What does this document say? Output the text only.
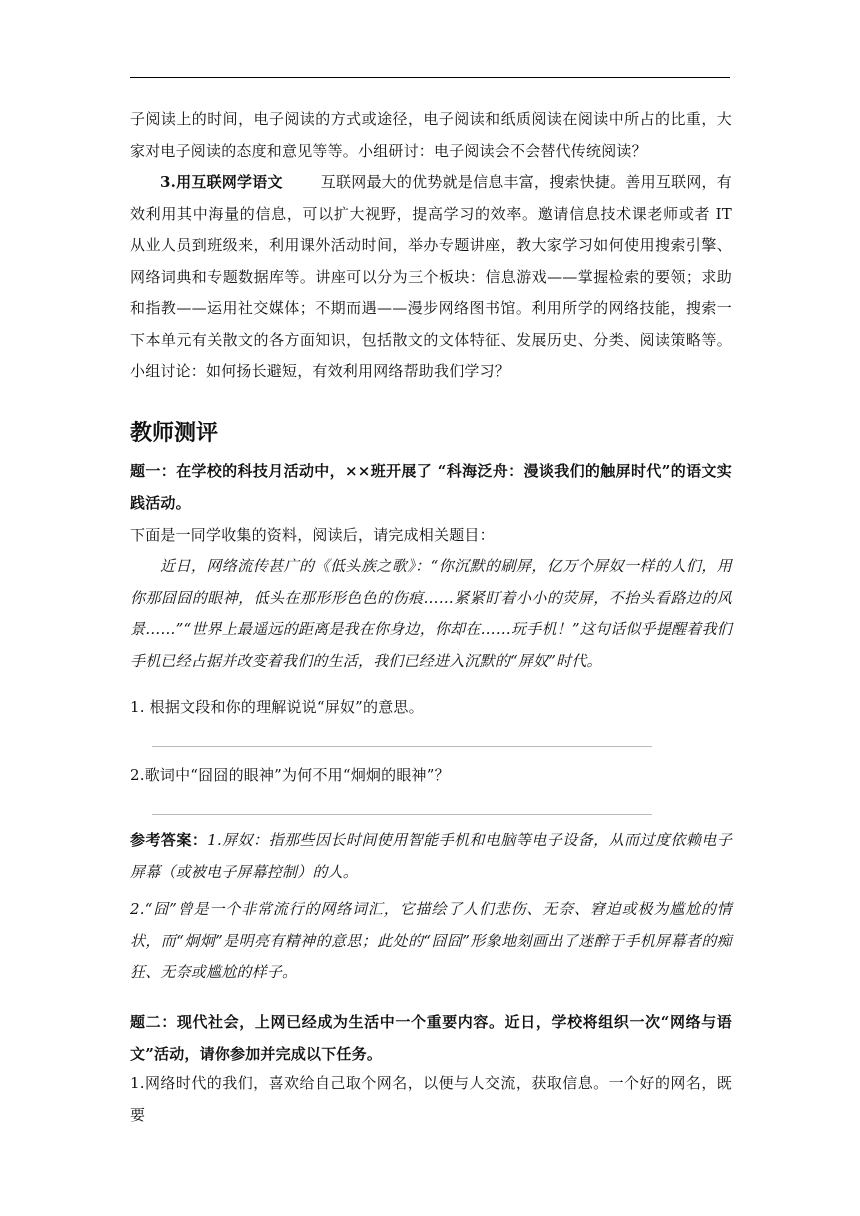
子阅读上的时间，电子阅读的方式或途径，电子阅读和纸质阅读在阅读中所占的比重，大家对电子阅读的态度和意见等等。小组研讨：电子阅读会不会替代传统阅读？
3.用互联网学语文	互联网最大的优势就是信息丰富，搜索快捷。善用互联网，有效利用其中海量的信息，可以扩大视野，提高学习的效率。邀请信息技术课老师或者 IT 从业人员到班级来，利用课外活动时间，举办专题讲座，教大家学习如何使用搜索引擎、网络词典和专题数据库等。讲座可以分为三个板块：信息游戏——掌握检索的要领；求助和指教——运用社交媒体；不期而遇——漫步网络图书馆。利用所学的网络技能，搜索一下本单元有关散文的各方面知识，包括散文的文体特征、发展历史、分类、阅读策略等。小组讨论：如何扬长避短，有效利用网络帮助我们学习？
教师测评
题一：在学校的科技月活动中，××班开展了 “科海泛舟：漫谈我们的触屏时代”的语文实践活动。
下面是一同学收集的资料，阅读后，请完成相关题目：
近日，网络流传甚广的《低头族之歌》：“你沉默的刷屏，亿万个屏奴一样的人们，用你那囧囧的眼神，低头在那形形色色的伤痕……紧紧盯着小小的荧屏，不抬头看路边的风景……”“世界上最遥远的距离是我在你身边，你却在……玩手机！”这句话似乎提醒着我们手机已经占据并改变着我们的生活，我们已经进入沉默的“屏奴”时代。
1. 根据文段和你的理解说说“屏奴”的意思。
2.歌词中“囧囧的眼神”为何不用“炯炯的眼神”？
参考答案：1.屏奴：指那些因长时间使用智能手机和电脑等电子设备，从而过度依赖电子屏幕（或被电子屏幕控制）的人。
2.“囧”曾是一个非常流行的网络词汇，它描绘了人们悲伤、无奈、窘迫或极为尴尬的情状，而“炯炯”是明亮有精神的意思；此处的“囧囧”形象地刻画出了迷醉于手机屏幕者的痴狂、无奈或尴尬的样子。
题二：现代社会，上网已经成为生活中一个重要内容。近日，学校将组织一次“网络与语文”活动，请你参加并完成以下任务。
1.网络时代的我们，喜欢给自己取个网名，以便与人交流，获取信息。一个好的网名，既要
